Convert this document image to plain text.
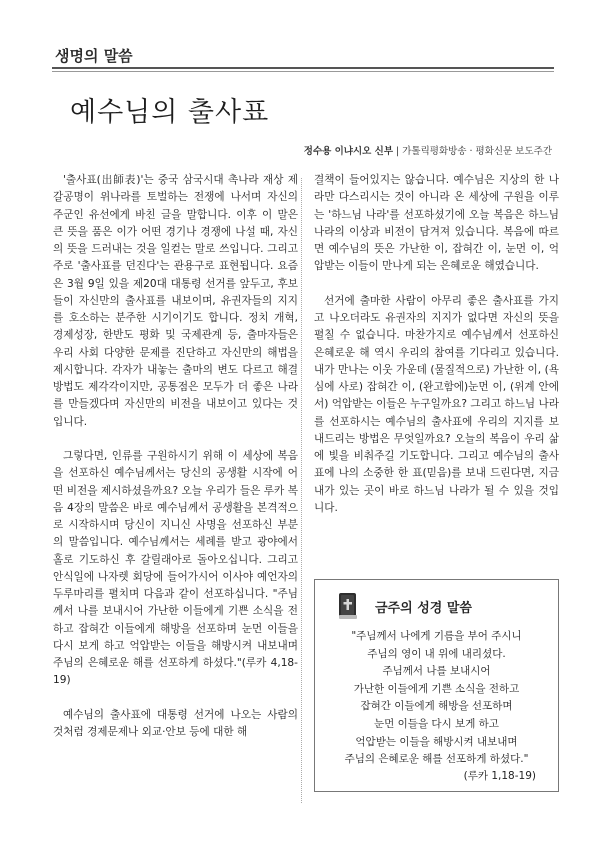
생명의 말씀
예수님의 출사표
정수용 이냐시오 신부 | 가톨릭평화방송 · 평화신문 보도주간

'출사표(出師表)'는 중국 삼국시대 촉나라 재상 제갈공명이 위나라를 토벌하는 전쟁에 나서며 자신의 주군인 유선에게 바친 글을 말합니다. 이후 이 말은 큰 뜻을 품은 이가 어떤 경기나 경쟁에 나설 때, 자신의 뜻을 드러내는 것을 일컫는 말로 쓰입니다. 그리고 주로 '출사표를 던진다'는 관용구로 표현됩니다. 요즘은 3월 9일 있을 제20대 대통령 선거를 앞두고, 후보들이 자신만의 출사표를 내보이며, 유권자들의 지지를 호소하는 분주한 시기이기도 합니다. 정치 개혁, 경제성장, 한반도 평화 및 국제관계 등, 출마자들은 우리 사회 다양한 문제를 진단하고 자신만의 해법을 제시합니다. 각자가 내놓는 출마의 변도 다르고 해결 방법도 제각각이지만, 공통점은 모두가 더 좋은 나라를 만들겠다며 자신만의 비전을 내보이고 있다는 것입니다.

그렇다면, 인류를 구원하시기 위해 이 세상에 복음을 선포하신 예수님께서는 당신의 공생활 시작에 어떤 비전을 제시하셨을까요? 오늘 우리가 들은 루카 복음 4장의 말씀은 바로 예수님께서 공생활을 본격적으로 시작하시며 당신이 지니신 사명을 선포하신 부분의 말씀입니다. 예수님께서는 세례를 받고 광야에서 홀로 기도하신 후 갈릴래아로 돌아오십니다. 그리고 안식일에 나자렛 회당에 들어가시어 이사야 예언자의 두루마리를 펼치며 다음과 같이 선포하십니다. "주님께서 나를 보내시어 가난한 이들에게 기쁜 소식을 전하고 잡혀간 이들에게 해방을 선포하며 눈먼 이들을 다시 보게 하고 억압받는 이들을 해방시켜 내보내며 주님의 은혜로운 해를 선포하게 하셨다."(루카 4,18-19)

예수님의 출사표에 대통령 선거에 나오는 사람의 것처럼 경제문제나 외교·안보 등에 대한 해

결책이 들어있지는 않습니다. 예수님은 지상의 한 나라만 다스리시는 것이 아니라 온 세상에 구원을 이루는 '하느님 나라'를 선포하셨기에 오늘 복음은 하느님 나라의 이상과 비전이 담겨져 있습니다. 복음에 따르면 예수님의 뜻은 가난한 이, 잡혀간 이, 눈먼 이, 억압받는 이들이 만나게 되는 은혜로운 해였습니다.

선거에 출마한 사람이 아무리 좋은 출사표를 가지고 나오더라도 유권자의 지지가 없다면 자신의 뜻을 펼칠 수 없습니다. 마찬가지로 예수님께서 선포하신 은혜로운 해 역시 우리의 참여를 기다리고 있습니다. 내가 만나는 이웃 가운데 (물질적으로) 가난한 이, (욕심에 사로) 잡혀간 이, (완고함에)눈먼 이, (위계 안에서) 억압받는 이들은 누구일까요? 그리고 하느님 나라를 선포하시는 예수님의 출사표에 우리의 지지를 보내드리는 방법은 무엇일까요? 오늘의 복음이 우리 삶에 빛을 비춰주길 기도합니다. 그리고 예수님의 출사표에 나의 소중한 한 표(믿음)를 보내 드린다면, 지금 내가 있는 곳이 바로 하느님 나라가 될 수 있을 것입니다.

금주의 성경 말씀
"주님께서 나에게 기름을 부어 주시니
주님의 영이 내 위에 내리셨다.
주님께서 나를 보내시어
가난한 이들에게 기쁜 소식을 전하고
잡혀간 이들에게 해방을 선포하며
눈먼 이들을 다시 보게 하고
억압받는 이들을 해방시켜 내보내며
주님의 은혜로운 해를 선포하게 하셨다."
(루카 1,18-19)
